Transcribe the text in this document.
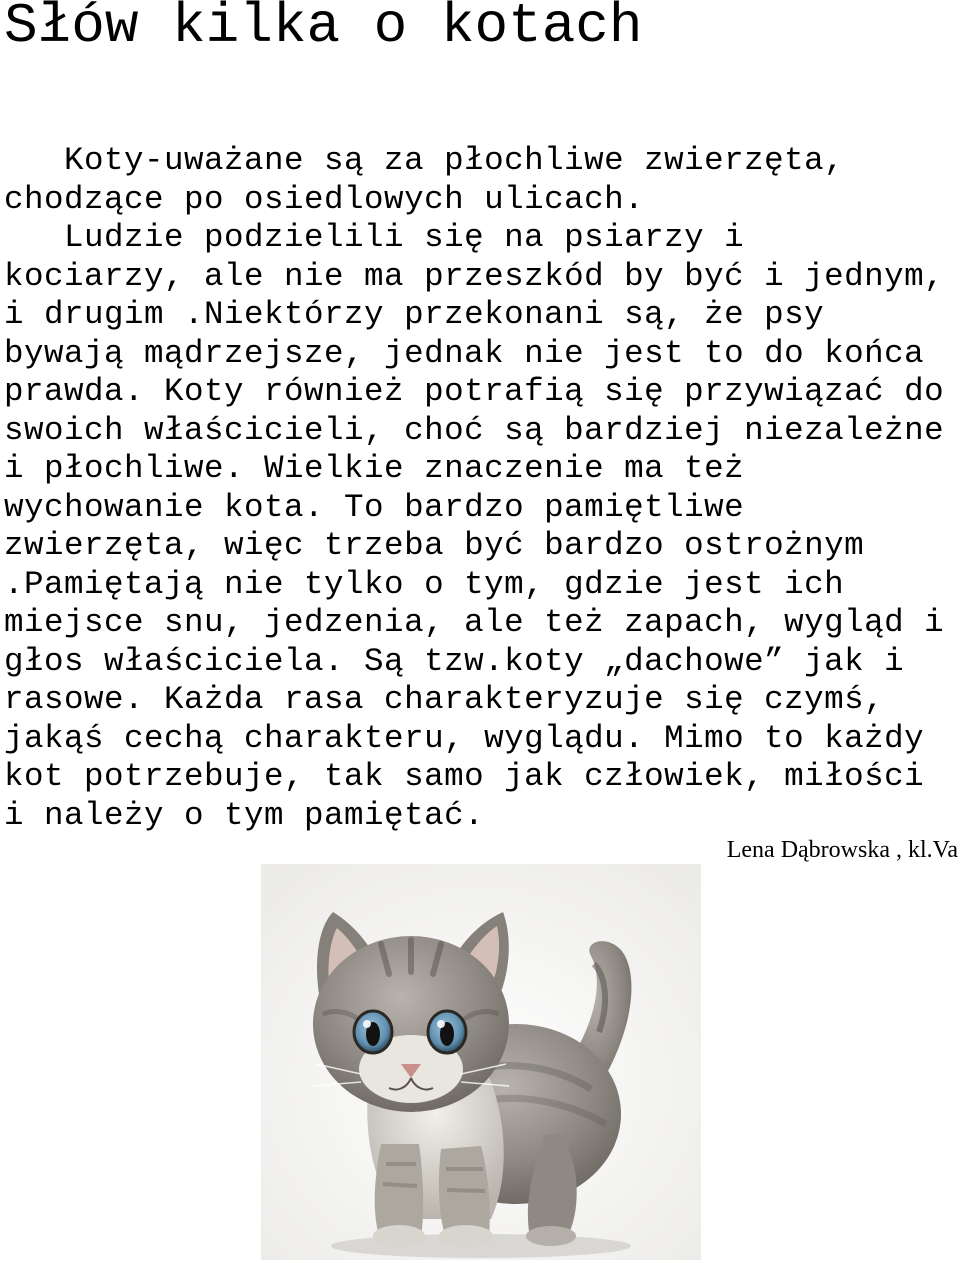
Słów kilka o kotach
Koty-uważane są za płochliwe zwierzęta,
chodzące po osiedlowych ulicach.
Ludzie podzielili się na psiarzy i
kociarzy, ale nie ma przeszkód by być i jednym,
i drugim .Niektórzy przekonani są, że psy
bywają mądrzejsze, jednak nie jest to do końca
prawda. Koty również potrafią się przywiązać do
swoich właścicieli, choć są bardziej niezależne
i płochliwe. Wielkie znaczenie ma też
wychowanie kota. To bardzo pamiętliwe
zwierzęta, więc trzeba być bardzo ostrożnym
.Pamiętają nie tylko o tym, gdzie jest ich
miejsce snu, jedzenia, ale też zapach, wygląd i
głos właściciela. Są tzw.koty „dachowe” jak i
rasowe. Każda rasa charakteryzuje się czymś,
jakąś cechą charakteru, wyglądu. Mimo to każdy
kot potrzebuje, tak samo jak człowiek, miłości
i należy o tym pamiętać.
Lena Dąbrowska , kl.Va
